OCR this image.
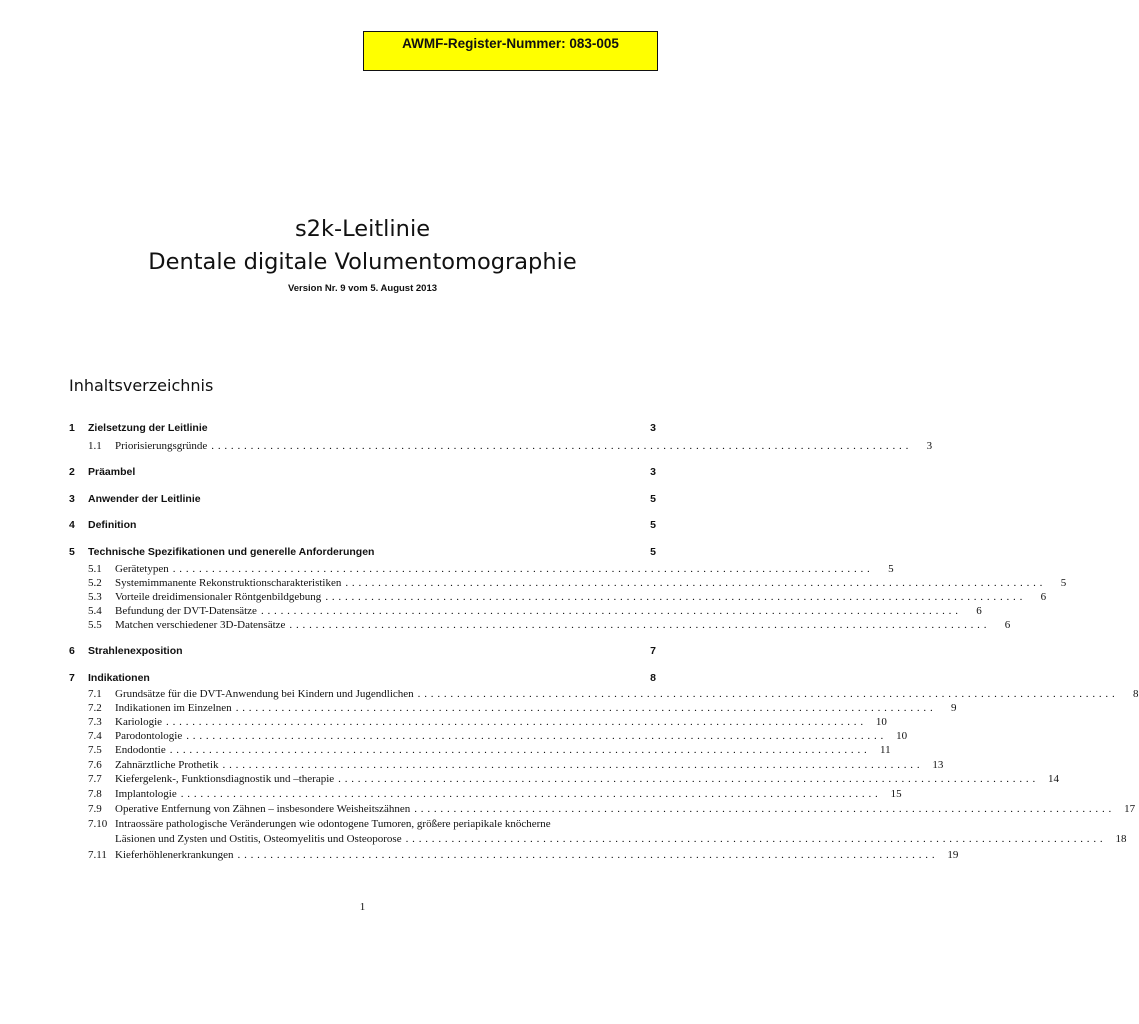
AWMF-Register-Nummer: 083-005
s2k-Leitlinie
Dentale digitale Volumentomographie
Version Nr. 9 vom 5. August 2013
Inhaltsverzeichnis
1	Zielsetzung der Leitlinie	3
1.1	Priorisierungsgründe ...........................................................................................................	3
2	Präambel	3
3	Anwender der Leitlinie	5
4	Definition	5
5	Technische Spezifikationen und generelle Anforderungen	5
5.1	Gerätetypen ...........................................................................................................	5
5.2	Systemimmanente Rekonstruktionscharakteristiken ...........................................................................................................	5
5.3	Vorteile dreidimensionaler Röntgenbildgebung ...........................................................................................................	6
5.4	Befundung der DVT-Datensätze ...........................................................................................................	6
5.5	Matchen verschiedener 3D-Datensätze ...........................................................................................................	6
6	Strahlenexposition	7
7	Indikationen	8
7.1	Grundsätze für die DVT-Anwendung bei Kindern und Jugendlichen ...........................................................................................................	8
7.2	Indikationen im Einzelnen ...........................................................................................................	9
7.3	Kariologie ........................................................................................................... 10
7.4	Parodontologie ........................................................................................................... 10
7.5	Endodontie ........................................................................................................... 11
7.6	Zahnärztliche Prothetik ........................................................................................................... 13
7.7	Kiefergelenk-, Funktionsdiagnostik und –therapie ........................................................................................................... 14
7.8	Implantologie ........................................................................................................... 15
7.9	Operative Entfernung von Zähnen – insbesondere Weisheitszähnen ........................................................................................................... 17
7.10 Intraossäre pathologische Veränderungen wie odontogene Tumoren, größere periapikale knöcherne
Läsionen und Zysten und Ostitis, Osteomyelitis und Osteoporose ........................................................................................................... 18
7.11 Kieferhöhlenerkrankungen ........................................................................................................... 19
1
